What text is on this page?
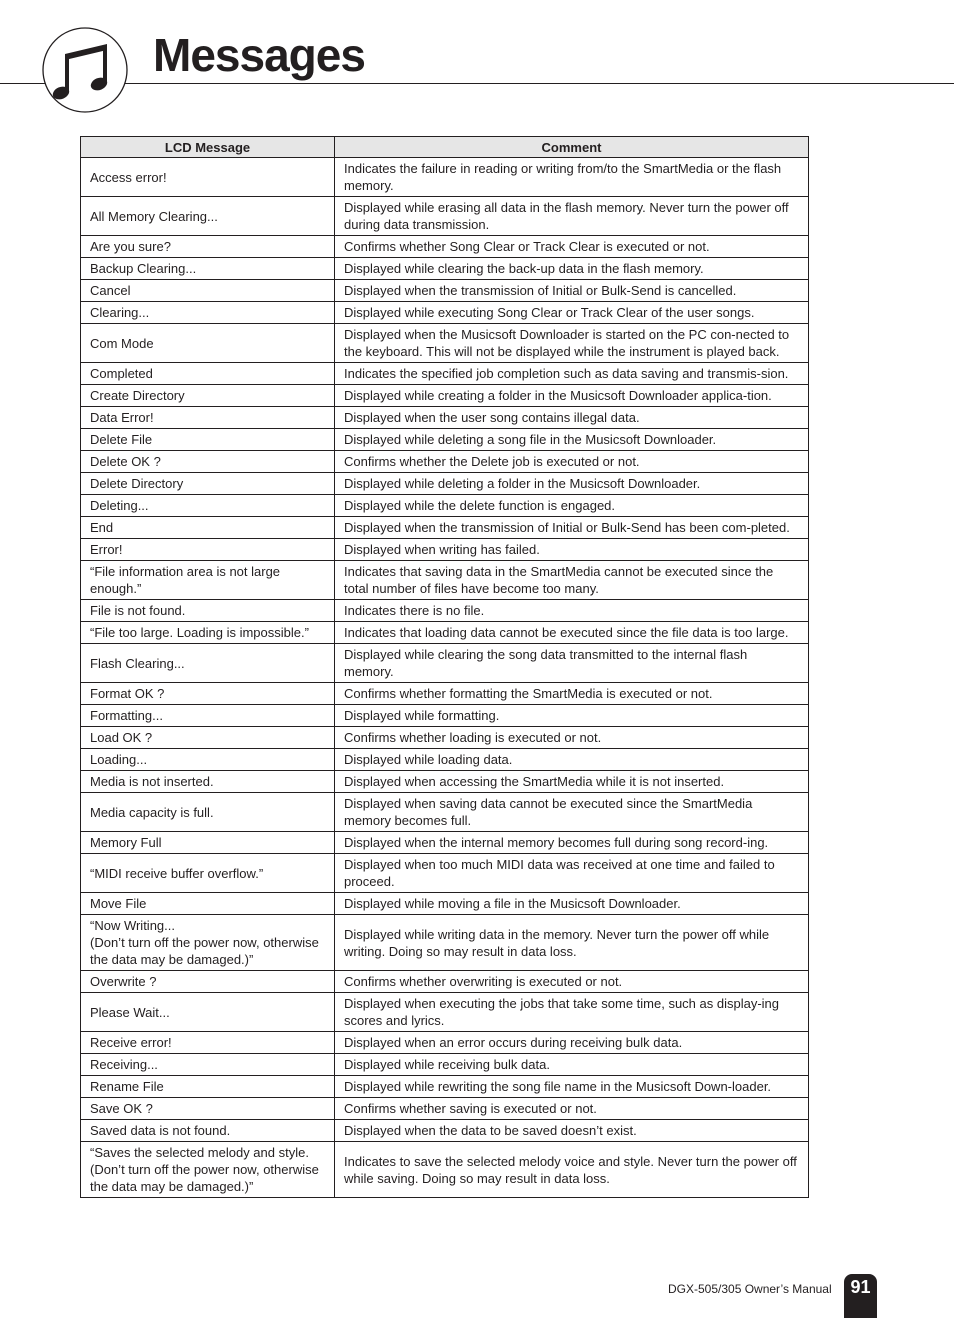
Messages
LCD Message	Comment
Access error!	Indicates the failure in reading or writing from/to the SmartMedia or the flash memory.
All Memory Clearing...	Displayed while erasing all data in the flash memory. Never turn the power off during data transmission.
Are you sure?	Confirms whether Song Clear or Track Clear is executed or not.
Backup Clearing...	Displayed while clearing the back-up data in the flash memory.
Cancel	Displayed when the transmission of Initial or Bulk-Send is cancelled.
Clearing...	Displayed while executing Song Clear or Track Clear of the user songs.
Com Mode	Displayed when the Musicsoft Downloader is started on the PC con-nected to the keyboard. This will not be displayed while the instrument is played back.
Completed	Indicates the specified job completion such as data saving and transmis-sion.
Create Directory	Displayed while creating a folder in the Musicsoft Downloader applica-tion.
Data Error!	Displayed when the user song contains illegal data.
Delete File	Displayed while deleting a song file in the Musicsoft Downloader.
Delete OK ?	Confirms whether the Delete job is executed or not.
Delete Directory	Displayed while deleting a folder in the Musicsoft Downloader.
Deleting...	Displayed while the delete function is engaged.
End	Displayed when the transmission of Initial or Bulk-Send has been com-pleted.
Error!	Displayed when writing has failed.
“File information area is not large enough.”	Indicates that saving data in the SmartMedia cannot be executed since the total number of files have become too many.
File is not found.	Indicates there is no file.
“File too large. Loading is impossible.”	Indicates that loading data cannot be executed since the file data is too large.
Flash Clearing...	Displayed while clearing the song data transmitted to the internal flash memory.
Format OK ?	Confirms whether formatting the SmartMedia is executed or not.
Formatting...	Displayed while formatting.
Load OK ?	Confirms whether loading is executed or not.
Loading...	Displayed while loading data.
Media is not inserted.	Displayed when accessing the SmartMedia while it is not inserted.
Media capacity is full.	Displayed when saving data cannot be executed since the SmartMedia memory becomes full.
Memory Full	Displayed when the internal memory becomes full during song record-ing.
“MIDI receive buffer overflow.”	Displayed when too much MIDI data was received at one time and failed to proceed.
Move File	Displayed while moving a file in the Musicsoft Downloader.
“Now Writing...
(Don’t turn off the power now, otherwise the data may be damaged.)”	Displayed while writing data in the memory. Never turn the power off while writing. Doing so may result in data loss.
Overwrite ?	Confirms whether overwriting is executed or not.
Please Wait...	Displayed when executing the jobs that take some time, such as display-ing scores and lyrics.
Receive error!	Displayed when an error occurs during receiving bulk data.
Receiving...	Displayed while receiving bulk data.
Rename File	Displayed while rewriting the song file name in the Musicsoft Down-loader.
Save OK ?	Confirms whether saving is executed or not.
Saved data is not found.	Displayed when the data to be saved doesn’t exist.
“Saves the selected melody and style.
(Don’t turn off the power now, otherwise the data may be damaged.)”	Indicates to save the selected melody voice and style. Never turn the power off while saving. Doing so may result in data loss.
DGX-505/305 Owner’s Manual	91
